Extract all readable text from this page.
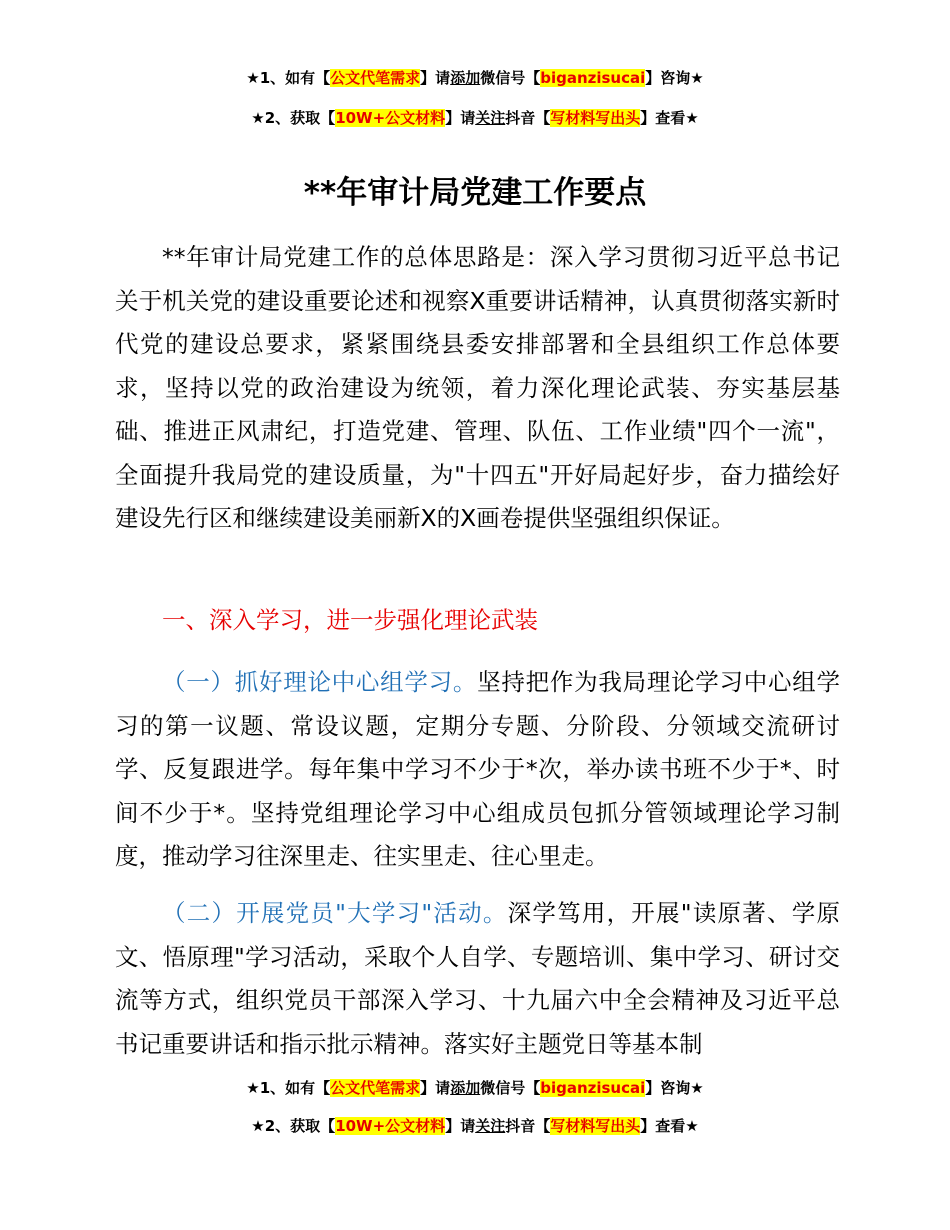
★1、如有【公文代笔需求】请添加微信号【biganzisucai】咨询★
★2、获取【10W+公文材料】请关注抖音【写材料写出头】查看★
**年审计局党建工作要点

**年审计局党建工作的总体思路是：深入学习贯彻习近平总书记关于机关党的建设重要论述和视察X重要讲话精神，认真贯彻落实新时代党的建设总要求，紧紧围绕县委安排部署和全县组织工作总体要求，坚持以党的政治建设为统领，着力深化理论武装、夯实基层基础、推进正风肃纪，打造党建、管理、队伍、工作业绩"四个一流"，全面提升我局党的建设质量，为"十四五"开好局起好步，奋力描绘好建设先行区和继续建设美丽新X的X画卷提供坚强组织保证。

一、深入学习，进一步强化理论武装

（一）抓好理论中心组学习。坚持把作为我局理论学习中心组学习的第一议题、常设议题，定期分专题、分阶段、分领域交流研讨学、反复跟进学。每年集中学习不少于*次，举办读书班不少于*、时间不少于*。坚持党组理论学习中心组成员包抓分管领域理论学习制度，推动学习往深里走、往实里走、往心里走。

（二）开展党员"大学习"活动。深学笃用，开展"读原著、学原文、悟原理"学习活动，采取个人自学、专题培训、集中学习、研讨交流等方式，组织党员干部深入学习、十九届六中全会精神及习近平总书记重要讲话和指示批示精神。落实好主题党日等基本制

★1、如有【公文代笔需求】请添加微信号【biganzisucai】咨询★
★2、获取【10W+公文材料】请关注抖音【写材料写出头】查看★
